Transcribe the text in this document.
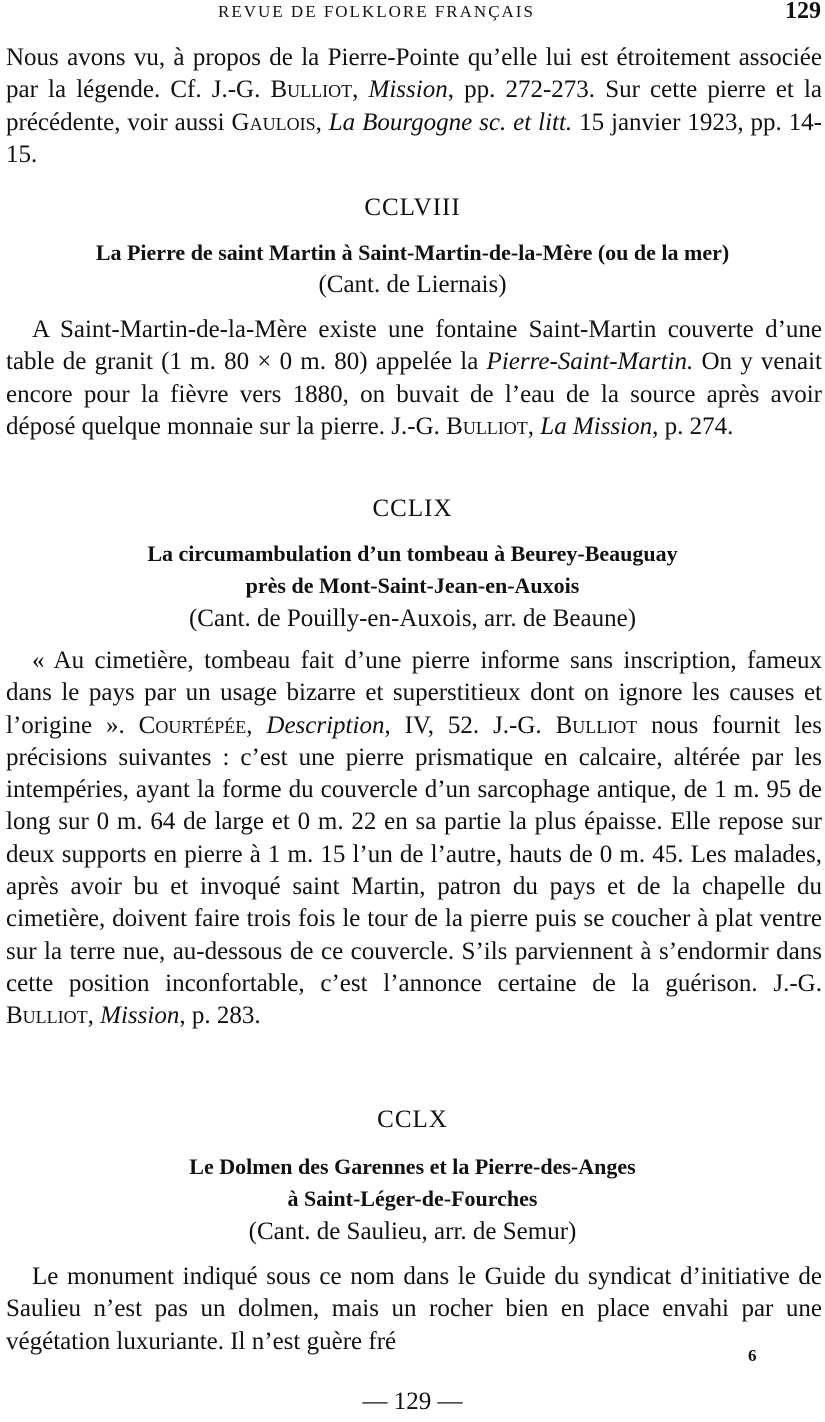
REVUE DE FOLKLORE FRANÇAIS	129

Nous avons vu, à propos de la Pierre-Pointe qu’elle lui est étroitement associée par la légende. Cf. J.-G. Bulliot, Mission, pp. 272-273. Sur cette pierre et la précédente, voir aussi Gaulois, La Bourgogne sc. et litt. 15 janvier 1923, pp. 14-15.

CCLVIII

La Pierre de saint Martin à Saint-Martin-de-la-Mère (ou de la mer)

(Cant. de Liernais)

A Saint-Martin-de-la-Mère existe une fontaine Saint-Martin couverte d’une table de granit (1 m. 80 × 0 m. 80) appelée la Pierre-Saint-Martin. On y venait encore pour la fièvre vers 1880, on buvait de l’eau de la source après avoir déposé quelque monnaie sur la pierre. J.-G. Bulliot, La Mission, p. 274.

CCLIX

La circumambulation d’un tombeau à Beurey-Beauguay

près de Mont-Saint-Jean-en-Auxois

(Cant. de Pouilly-en-Auxois, arr. de Beaune)

« Au cimetière, tombeau fait d’une pierre informe sans inscription, fameux dans le pays par un usage bizarre et superstitieux dont on ignore les causes et l’origine ». Courtépée, Description, IV, 52. J.-G. Bulliot nous fournit les précisions suivantes : c’est une pierre prismatique en calcaire, altérée par les intempéries, ayant la forme du couvercle d’un sarcophage antique, de 1 m. 95 de long sur 0 m. 64 de large et 0 m. 22 en sa partie la plus épaisse. Elle repose sur deux supports en pierre à 1 m. 15 l’un de l’autre, hauts de 0 m. 45. Les malades, après avoir bu et invoqué saint Martin, patron du pays et de la chapelle du cimetière, doivent faire trois fois le tour de la pierre puis se coucher à plat ventre sur la terre nue, au-dessous de ce couvercle. S’ils parviennent à s’endormir dans cette position inconfortable, c’est l’annonce certaine de la guérison. J.-G. Bulliot, Mission, p. 283.

CCLX

Le Dolmen des Garennes et la Pierre-des-Anges

à Saint-Léger-de-Fourches

(Cant. de Saulieu, arr. de Semur)

Le monument indiqué sous ce nom dans le Guide du syndicat d’initiative de Saulieu n’est pas un dolmen, mais un rocher bien en place envahi par une végétation luxuriante. Il n’est guère fré

6
— 129 —
